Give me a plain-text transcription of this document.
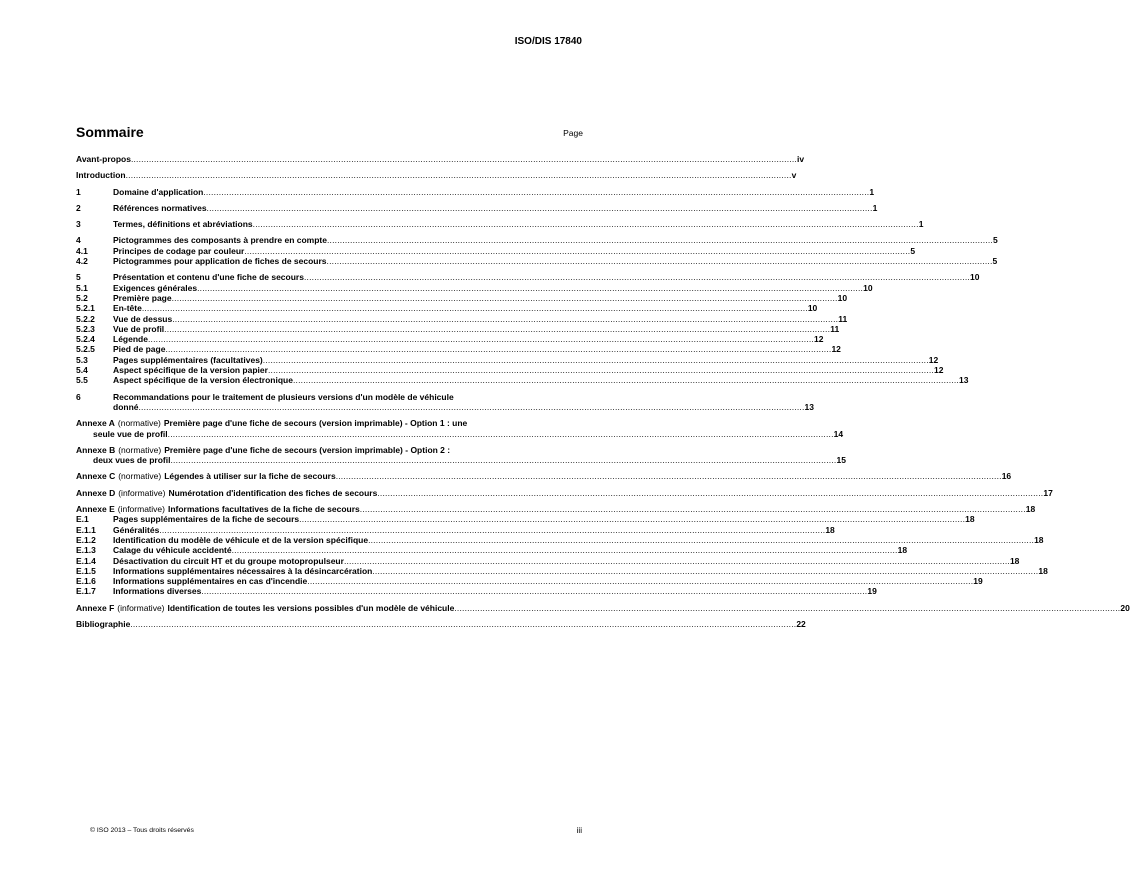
ISO/DIS 17840
Sommaire	Page
Avant-propos .................................................................................................................................................................................................................................................................... iv
Introduction .................................................................................................................................................................................................................................................................... v
1	Domaine d'application .................................................................................................................................................................................................................................................................... 1
2	Références normatives .................................................................................................................................................................................................................................................................... 1
3	Termes, définitions et abréviations .................................................................................................................................................................................................................................................................... 1
4	Pictogrammes des composants à prendre en compte .................................................................................................................................................................................................................................................................... 5
4.1	Principes de codage par couleur .................................................................................................................................................................................................................................................................... 5
4.2	Pictogrammes pour application de fiches de secours .................................................................................................................................................................................................................................................................... 5
5	Présentation et contenu d'une fiche de secours .................................................................................................................................................................................................................................................................... 10
5.1	Exigences générales .................................................................................................................................................................................................................................................................... 10
5.2	Première page .................................................................................................................................................................................................................................................................... 10
5.2.1 En-tête .................................................................................................................................................................................................................................................................... 10
5.2.2 Vue de dessus .................................................................................................................................................................................................................................................................... 11
5.2.3 Vue de profil .................................................................................................................................................................................................................................................................... 11
5.2.4 Légende .................................................................................................................................................................................................................................................................... 12
5.2.5 Pied de page .................................................................................................................................................................................................................................................................... 12
5.3	Pages supplémentaires (facultatives) .................................................................................................................................................................................................................................................................... 12
5.4	Aspect spécifique de la version papier .................................................................................................................................................................................................................................................................... 12
5.5	Aspect spécifique de la version électronique .................................................................................................................................................................................................................................................................... 13
6	Recommandations pour le traitement de plusieurs versions d'un modèle de véhicule
donné .................................................................................................................................................................................................................................................................... 13
Annexe A (normative) Première page d'une fiche de secours (version imprimable) - Option 1 : une
seule vue de profil .................................................................................................................................................................................................................................................................... 14
Annexe B (normative) Première page d'une fiche de secours (version imprimable) - Option 2 :
deux vues de profil .................................................................................................................................................................................................................................................................... 15
Annexe C (normative) Légendes à utiliser sur la fiche de secours .................................................................................................................................................................................................................................................................... 16
Annexe D (informative) Numérotation d'identification des fiches de secours .................................................................................................................................................................................................................................................................... 17
Annexe E (informative) Informations facultatives de la fiche de secours .................................................................................................................................................................................................................................................................... 18
E.1	Pages supplémentaires de la fiche de secours .................................................................................................................................................................................................................................................................... 18
E.1.1 Généralités .................................................................................................................................................................................................................................................................... 18
E.1.2 Identification du modèle de véhicule et de la version spécifique .................................................................................................................................................................................................................................................................... 18
E.1.3 Calage du véhicule accidenté .................................................................................................................................................................................................................................................................... 18
E.1.4 Désactivation du circuit HT et du groupe motopropulseur .................................................................................................................................................................................................................................................................... 18
E.1.5 Informations supplémentaires nécessaires à la désincarcération .................................................................................................................................................................................................................................................................... 18
E.1.6 Informations supplémentaires en cas d'incendie .................................................................................................................................................................................................................................................................... 19
E.1.7 Informations diverses .................................................................................................................................................................................................................................................................... 19
Annexe F (informative) Identification de toutes les versions possibles d'un modèle de véhicule .................................................................................................................................................................................................................................................................... 20
Bibliographie .................................................................................................................................................................................................................................................................... 22
© ISO 2013 – Tous droits réservés	iii
